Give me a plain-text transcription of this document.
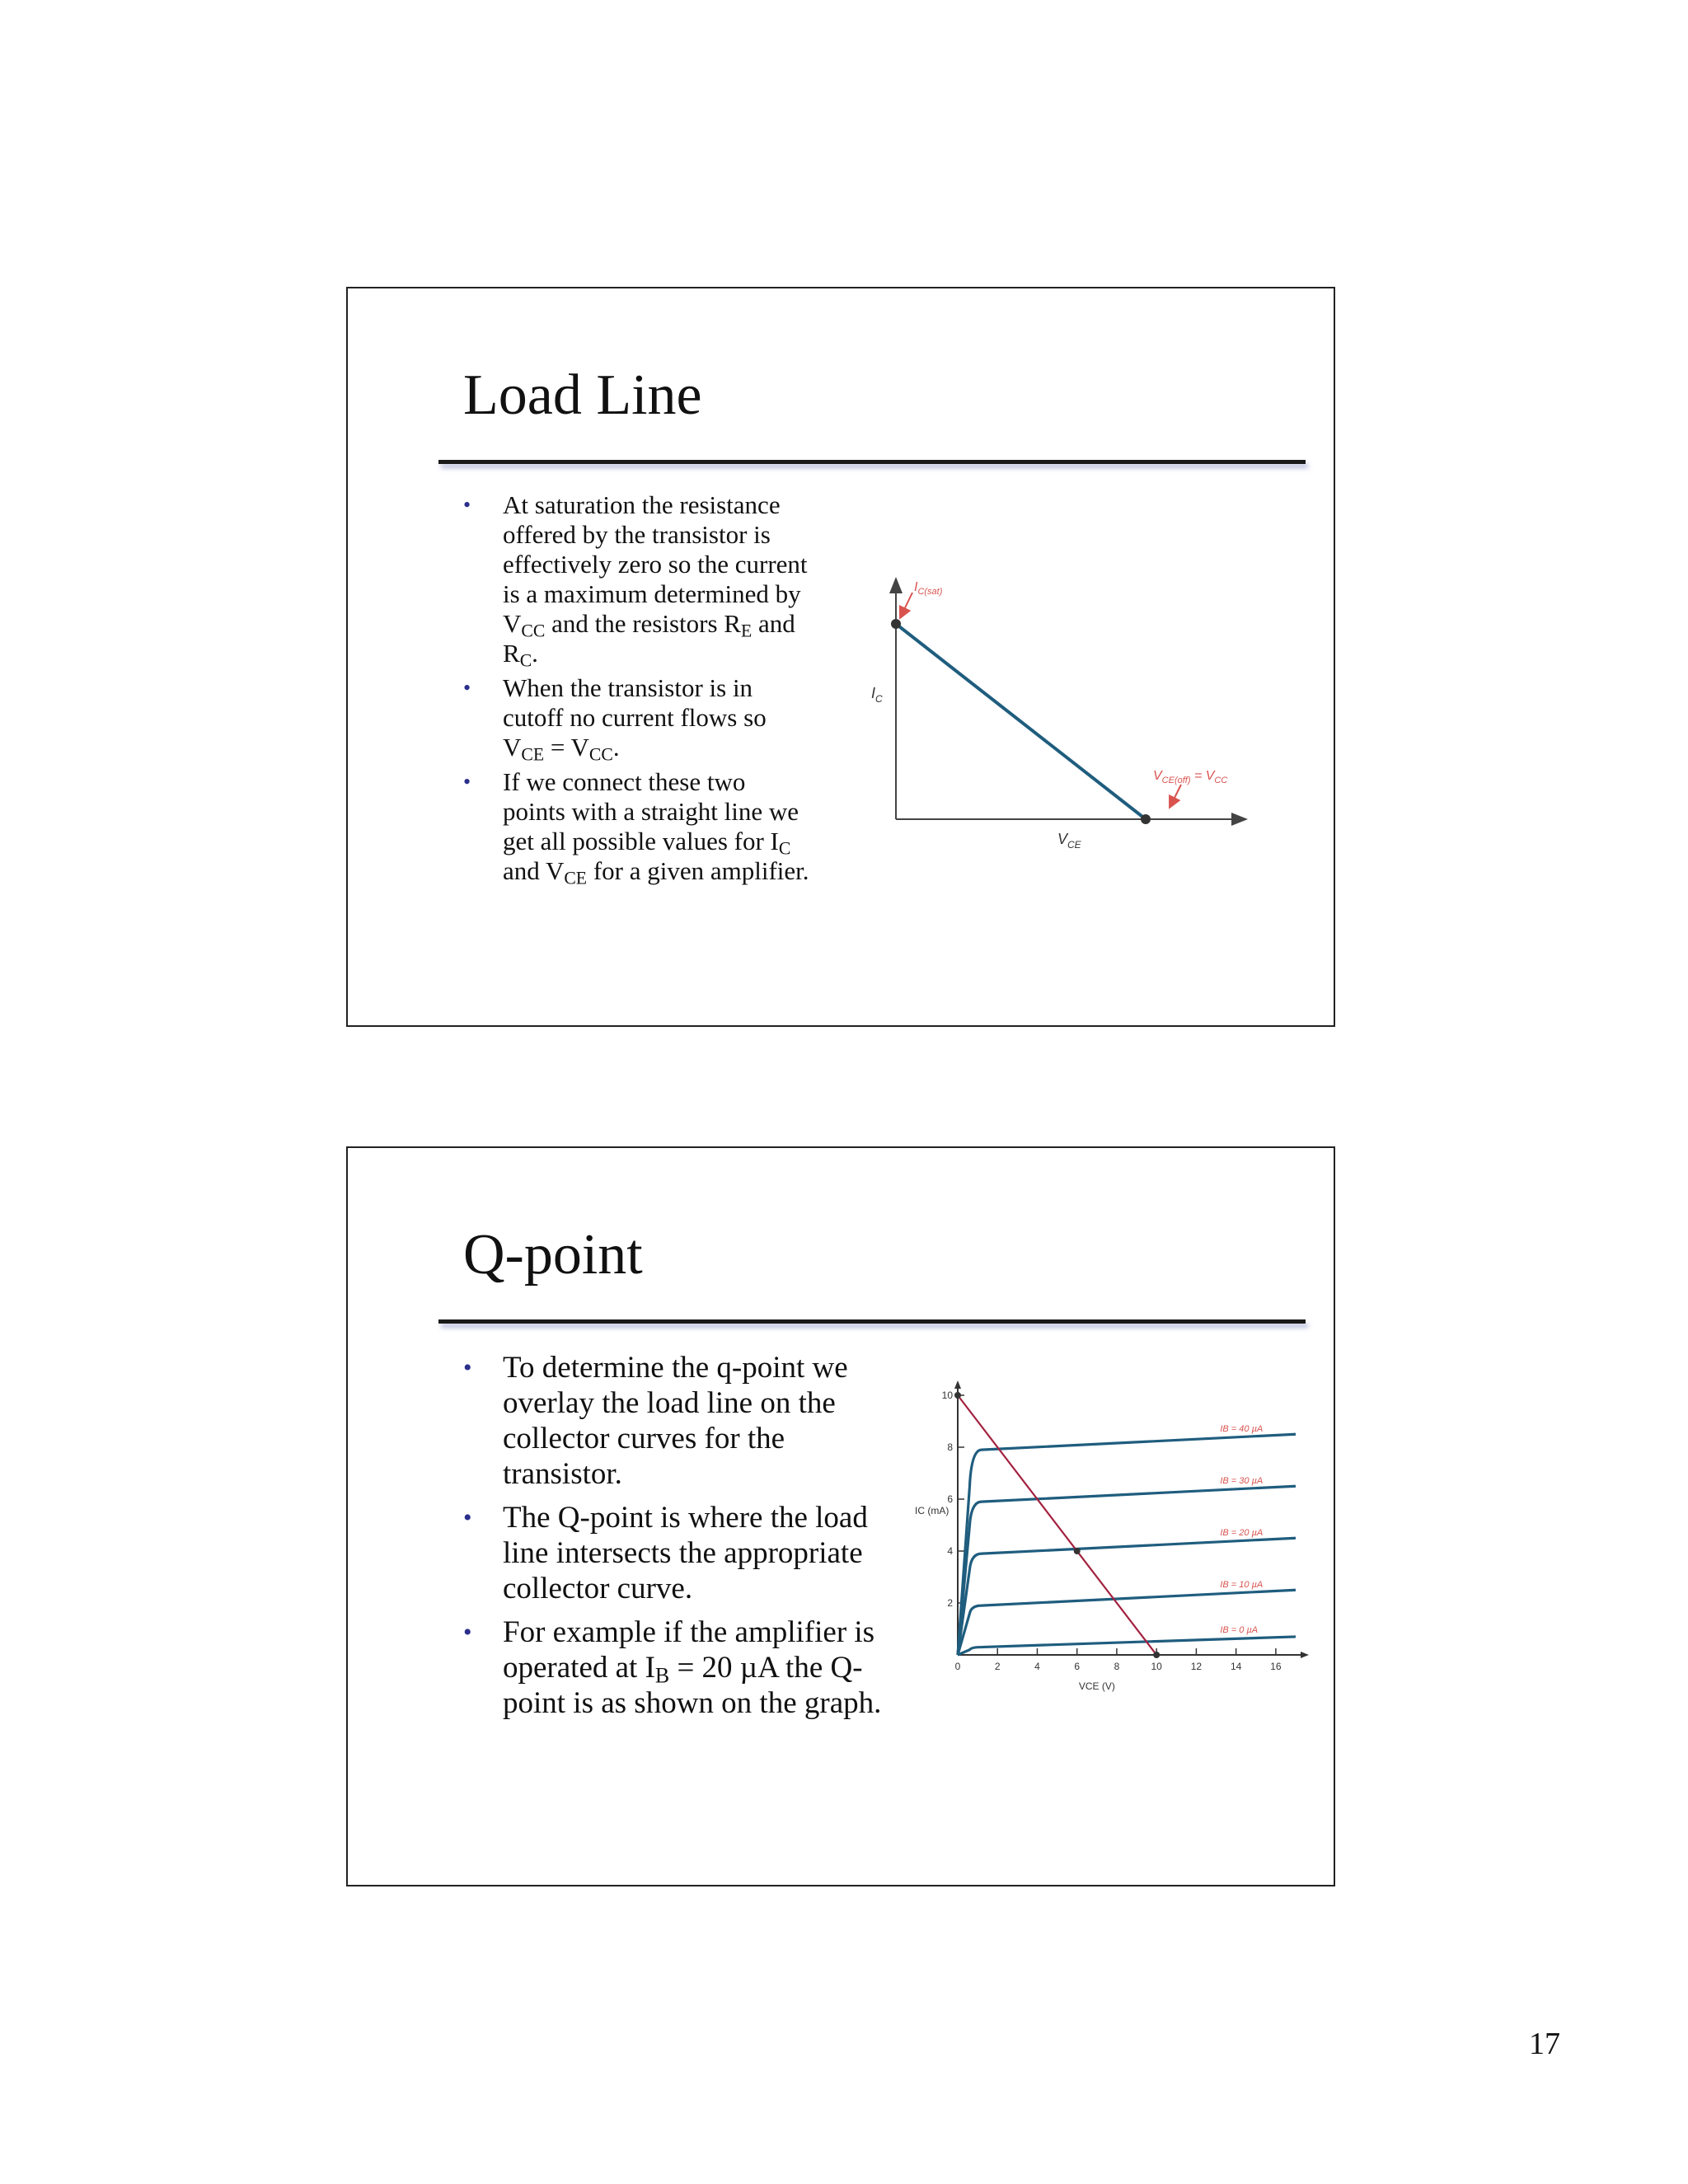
Load Line
• At saturation the resistance offered by the transistor is effectively zero so the current is a maximum determined by $V_{CC}$ and the resistors $R_E$ and $R_C$.
• When the transistor is in cutoff no current flows so $V_{CE} = V_{CC}$.
• If we connect these two points with a straight line we get all possible values for $I_C$ and $V_{CE}$ for a given amplifier.
$I_{C(sat)}$
$I_C$
$V_{CE(off)} = V_{CC}$
$V_{CE}$
Q-point
• To determine the q-point we overlay the load line on the collector curves for the transistor.
• The Q-point is where the load line intersects the appropriate collector curve.
• For example if the amplifier is operated at $I_B = 20$ µA the Q-point is as shown on the graph.
0	2	4	6	8	10	12	14	16
2
4
6
8
10
IB = 40 µA
IB = 30 µA
IB = 20 µA
IB = 10 µA
IB = 0 µA
IC (mA)
VCE (V)
17
